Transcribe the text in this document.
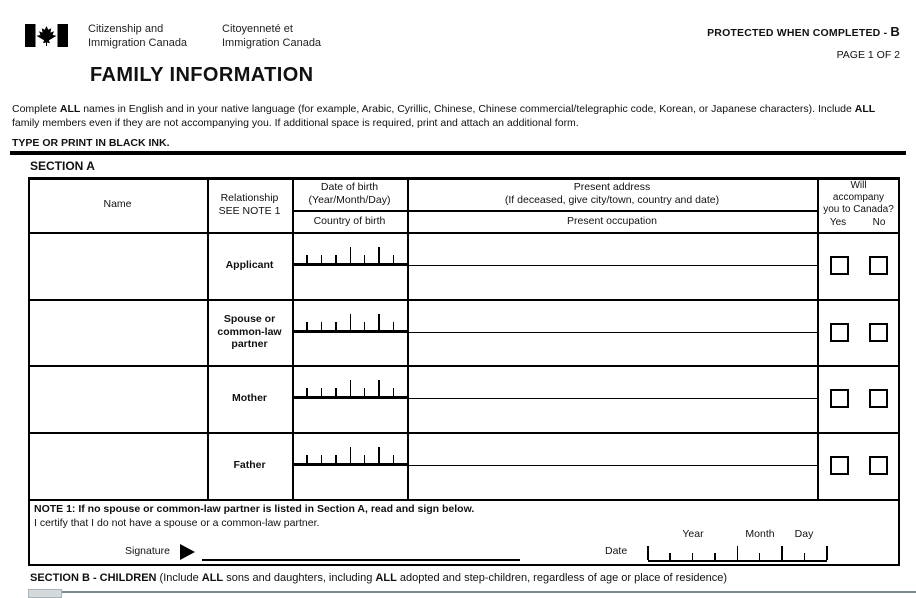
Citizenship and
Immigration Canada
Citoyenneté et
Immigration Canada
PROTECTED WHEN COMPLETED - B
PAGE 1 OF 2
FAMILY INFORMATION
Complete ALL names in English and in your native language (for example, Arabic, Cyrillic, Chinese, Chinese commercial/telegraphic code, Korean, or Japanese characters). Include ALL family members even if they are not accompanying you. If additional space is required, print and attach an additional form.
TYPE OR PRINT IN BLACK INK.
SECTION A
Name
Relationship
SEE NOTE 1
Date of birth
(Year/Month/Day)
Country of birth
Present address
(If deceased, give city/town, country and date)
Present occupation
Will
accompany
you to Canada?
Yes	No
Applicant
Spouse or common-law partner
Mother
Father
NOTE 1: If no spouse or common-law partner is listed in Section A, read and sign below.
I certify that I do not have a spouse or a common-law partner.
Signature	Date
Year	Month	Day
SECTION B - CHILDREN (Include ALL sons and daughters, including ALL adopted and step-children, regardless of age or place of residence)
